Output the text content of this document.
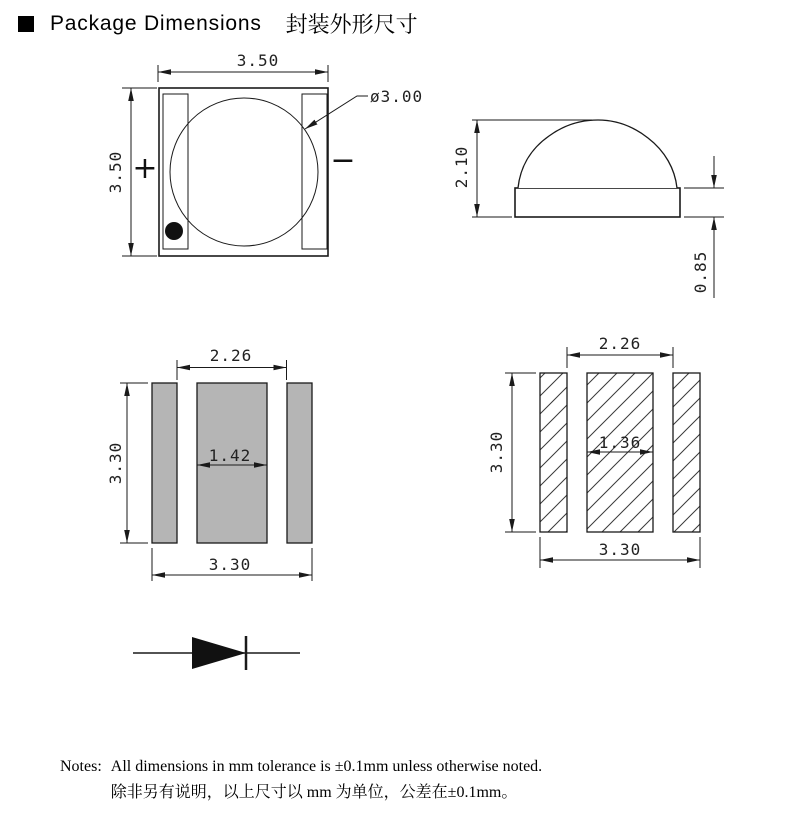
Package Dimensions 封装外形尺寸
3.50
+	−
3.50
ø3.00
2.10
0.85
2.26
3.30	1.42
3.30
2.26
3.30	1.36
3.30
Notes: All dimensions in mm tolerance is ±0.1mm unless otherwise noted.
除非另有说明，以上尺寸以 mm 为单位，公差在±0.1mm。
